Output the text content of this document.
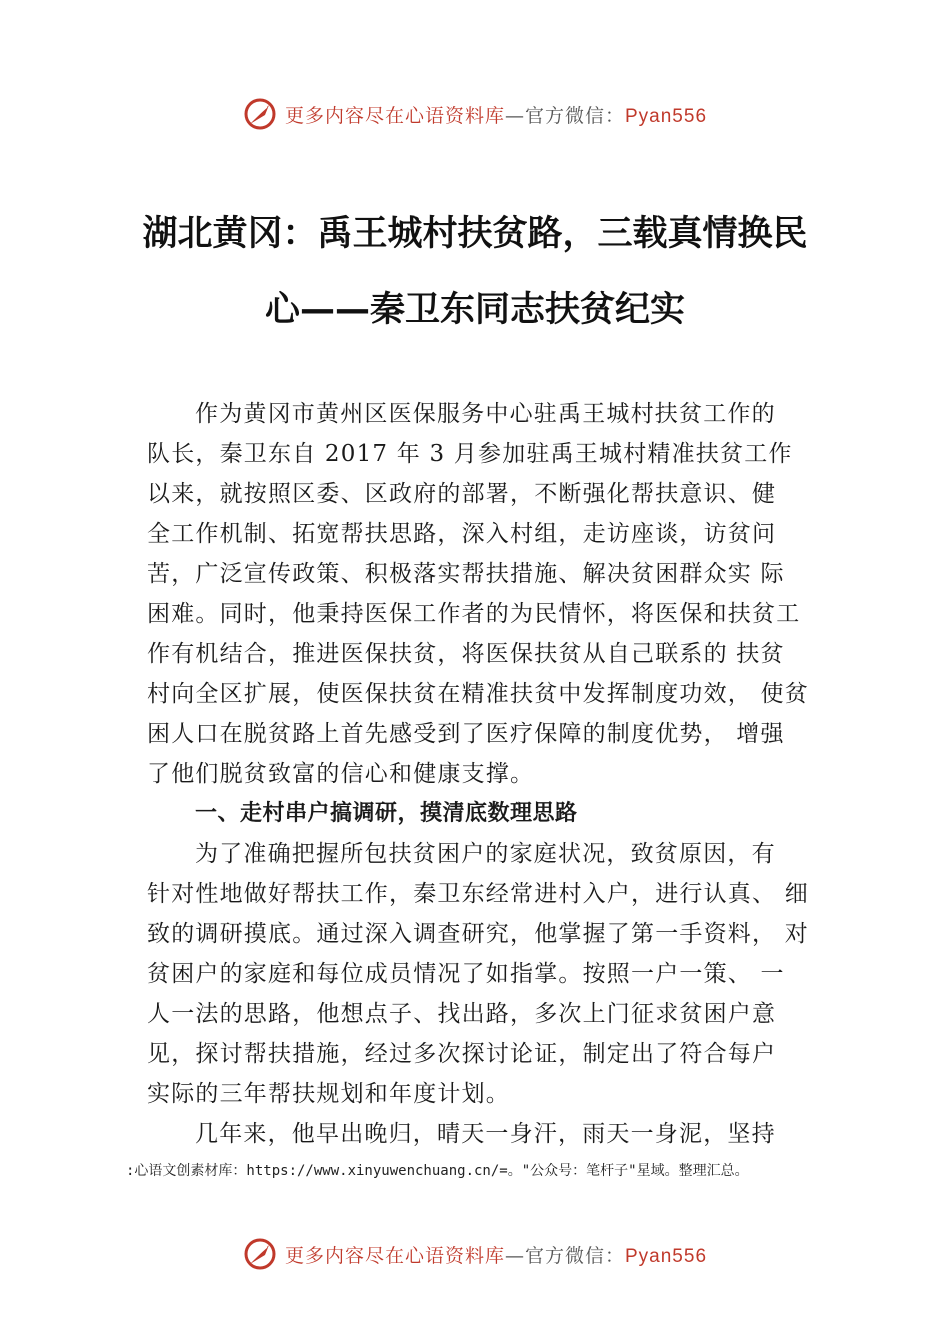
更多内容尽在心语资料库—官方微信：Pyan556
湖北黄冈：禹王城村扶贫路，三载真情换民
心——秦卫东同志扶贫纪实

作为黄冈市黄州区医保服务中心驻禹王城村扶贫工作的
队长，秦卫东自 2017 年 3 月参加驻禹王城村精准扶贫工作
以来，就按照区委、区政府的部署，不断强化帮扶意识、健
全工作机制、拓宽帮扶思路，深入村组，走访座谈，访贫问
苦，广泛宣传政策、积极落实帮扶措施、解决贫困群众实 际
困难。同时，他秉持医保工作者的为民情怀，将医保和扶贫工
作有机结合，推进医保扶贫，将医保扶贫从自己联系的 扶贫
村向全区扩展，使医保扶贫在精准扶贫中发挥制度功效， 使贫
困人口在脱贫路上首先感受到了医疗保障的制度优势， 增强
了他们脱贫致富的信心和健康支撑。

一、走村串户搞调研，摸清底数理思路

为了准确把握所包扶贫困户的家庭状况，致贫原因，有
针对性地做好帮扶工作，秦卫东经常进村入户，进行认真、 细
致的调研摸底。通过深入调查研究，他掌握了第一手资料， 对
贫困户的家庭和每位成员情况了如指掌。按照一户一策、 一
人一法的思路，他想点子、找出路，多次上门征求贫困户意
见，探讨帮扶措施，经过多次探讨论证，制定出了符合每户
实际的三年帮扶规划和年度计划。

几年来，他早出晚归，晴天一身汗，雨天一身泥，坚持

:心语文创素材库：https://www.xinyuwenchuang.cn/=。"公众号：笔杆子"星域。整理汇总。
更多内容尽在心语资料库—官方微信：Pyan556
